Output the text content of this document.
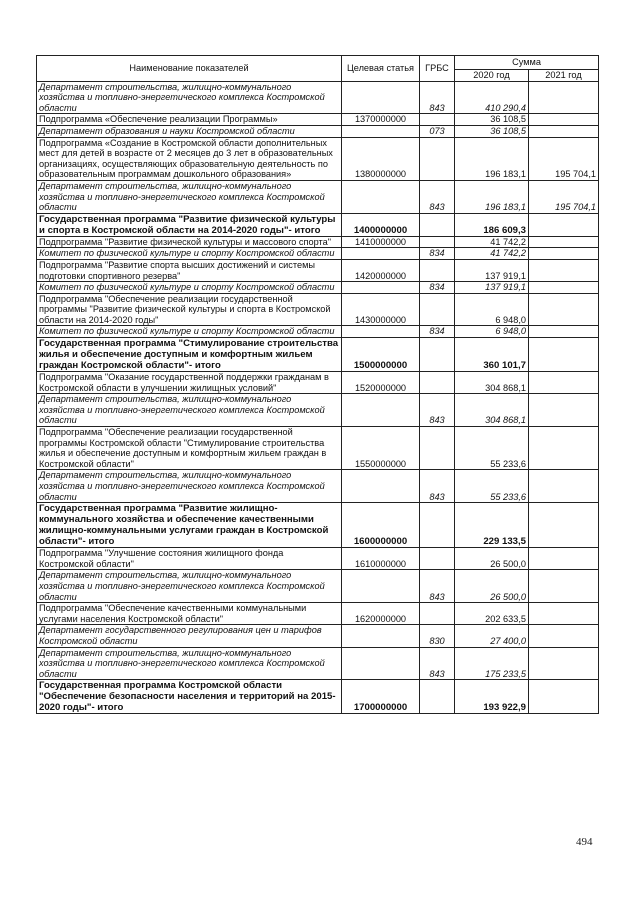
Наименование показателей	Целевая статья	ГРБС	Сумма	
			2020 год	2021 год
Департамент строительства, жилищно-коммунального хозяйства и топливно-энергетического комплекса Костромской области		843	410 290,4	
Подпрограмма «Обеспечение реализации Программы»	1370000000		36 108,5	
Департамент образования и науки Костромской области		073	36 108,5	
Подпрограмма «Создание в Костромской области дополнительных мест для детей в возрасте от 2 месяцев до 3 лет в образовательных организациях, осуществляющих образовательную деятельность по образовательным программам дошкольного образования»	1380000000		196 183,1	195 704,1
Департамент строительства, жилищно-коммунального хозяйства и топливно-энергетического комплекса Костромской области		843	196 183,1	195 704,1
Государственная программа "Развитие физической культуры и спорта в Костромской области на 2014-2020 годы"- итого	1400000000		186 609,3	
Подпрограмма "Развитие физической культуры и массового спорта"	1410000000		41 742,2	
Комитет по физической культуре и спорту Костромской области		834	41 742,2	
Подпрограмма "Развитие спорта высших достижений и системы подготовки спортивного резерва"	1420000000		137 919,1	
Комитет по физической культуре и спорту Костромской области		834	137 919,1	
Подпрограмма "Обеспечение реализации государственной программы "Развитие физической культуры и спорта в Костромской области на 2014-2020 годы"	1430000000		6 948,0	
Комитет по физической культуре и спорту Костромской области		834	6 948,0	
Государственная программа "Стимулирование строительства жилья и обеспечение доступным и комфортным жильем граждан Костромской области"- итого	1500000000		360 101,7	
Подпрограмма "Оказание государственной поддержки гражданам в Костромской области в улучшении жилищных условий"	1520000000		304 868,1	
Департамент строительства, жилищно-коммунального хозяйства и топливно-энергетического комплекса Костромской области		843	304 868,1	
Подпрограмма "Обеспечение реализации государственной программы Костромской области "Стимулирование строительства жилья и обеспечение доступным и комфортным жильем граждан в Костромской области"	1550000000		55 233,6	
Департамент строительства, жилищно-коммунального хозяйства и топливно-энергетического комплекса Костромской области		843	55 233,6	
Государственная программа "Развитие жилищно-коммунального хозяйства и обеспечение качественными жилищно-коммунальными услугами граждан в Костромской области"- итого	1600000000		229 133,5	
Подпрограмма "Улучшение состояния жилищного фонда Костромской области"	1610000000		26 500,0	
Департамент строительства, жилищно-коммунального хозяйства и топливно-энергетического комплекса Костромской области		843	26 500,0	
Подпрограмма "Обеспечение качественными коммунальными услугами населения Костромской области"	1620000000		202 633,5	
Департамент государственного регулирования цен и тарифов Костромской области		830	27 400,0	
Департамент строительства, жилищно-коммунального хозяйства и топливно-энергетического комплекса Костромской области		843	175 233,5	
Государственная программа Костромской области "Обеспечение безопасности населения и территорий на 2015-2020 годы"- итого	1700000000		193 922,9	
494
